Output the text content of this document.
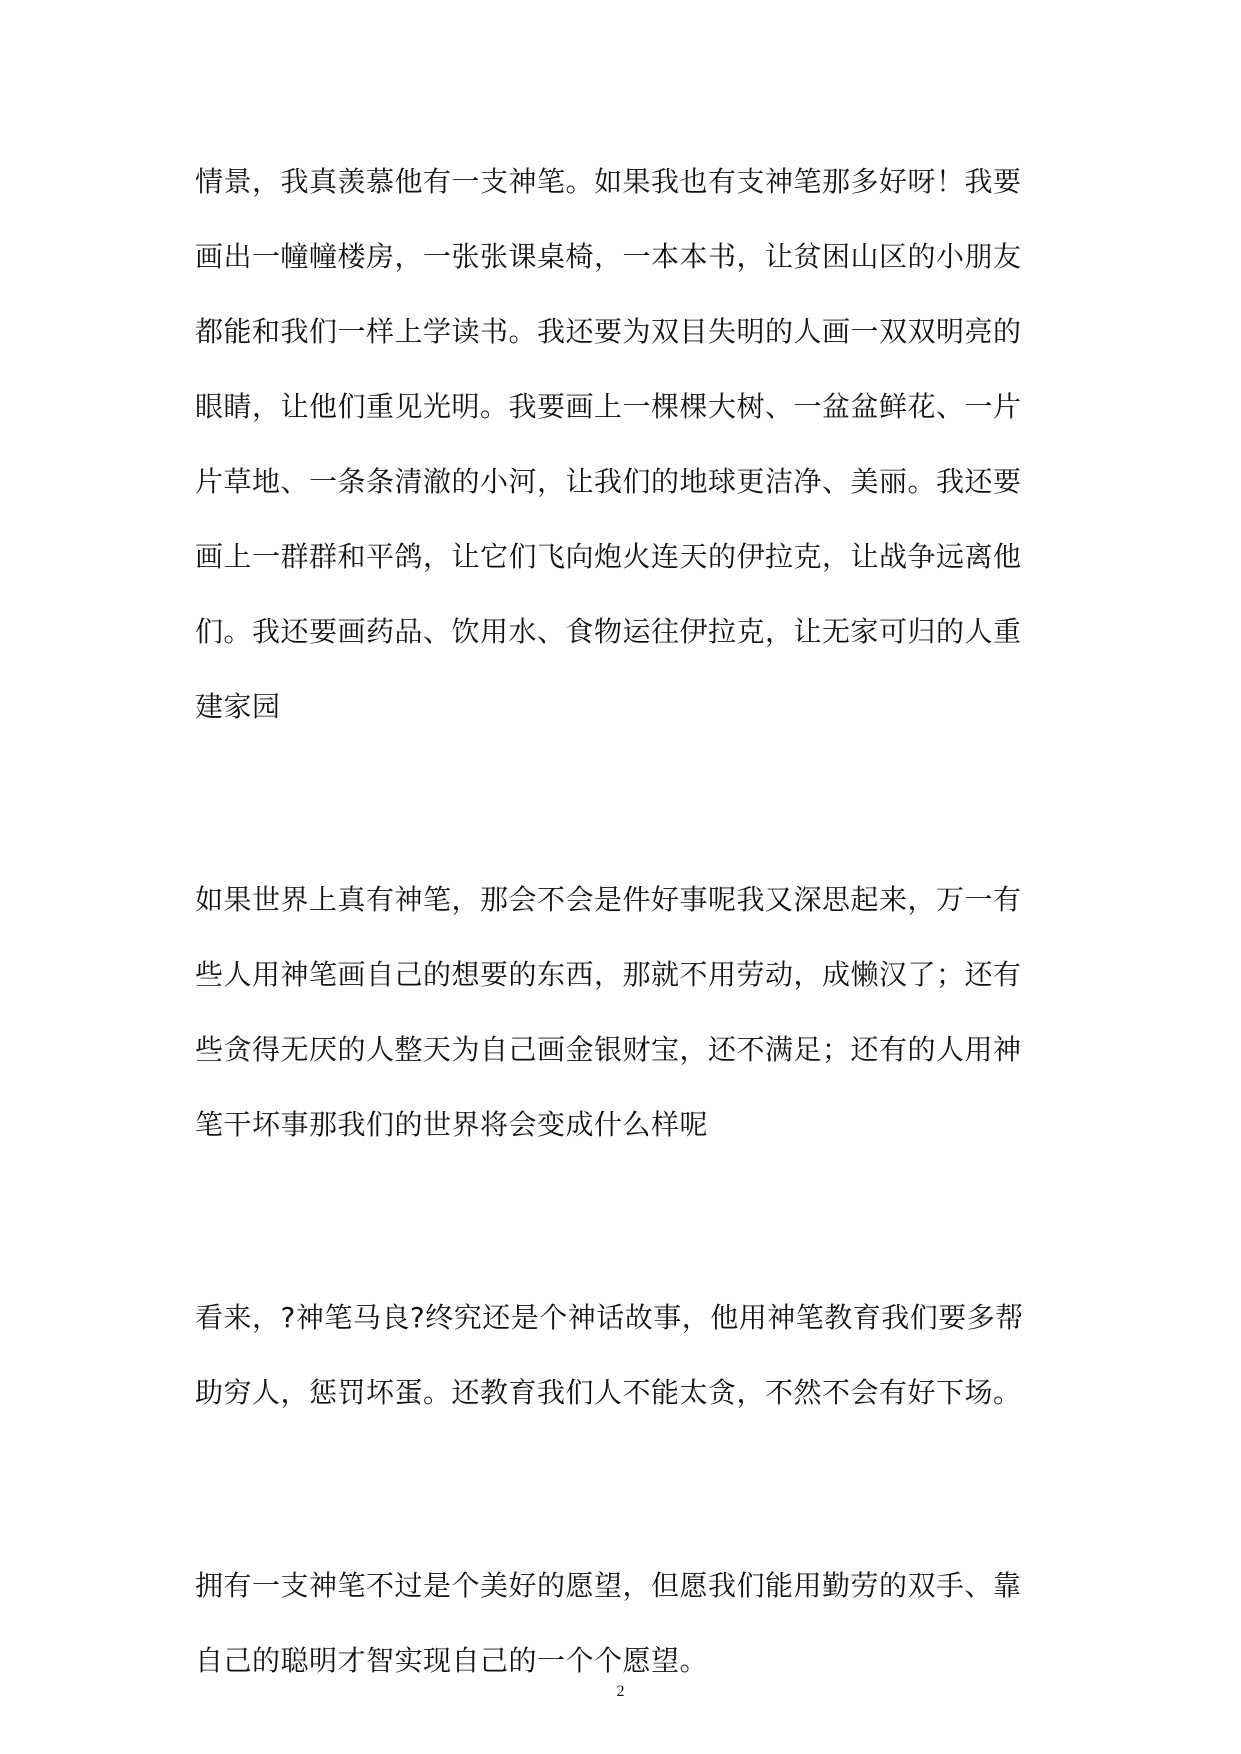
情景，我真羡慕他有一支神笔。如果我也有支神笔那多好呀！我要画出一幢幢楼房，一张张课桌椅，一本本书，让贫困山区的小朋友都能和我们一样上学读书。我还要为双目失明的人画一双双明亮的眼睛，让他们重见光明。我要画上一棵棵大树、一盆盆鲜花、一片片草地、一条条清澈的小河，让我们的地球更洁净、美丽。我还要画上一群群和平鸽，让它们飞向炮火连天的伊拉克，让战争远离他们。我还要画药品、饮用水、食物运往伊拉克，让无家可归的人重建家园

如果世界上真有神笔，那会不会是件好事呢我又深思起来，万一有些人用神笔画自己的想要的东西，那就不用劳动，成懒汉了；还有些贪得无厌的人整天为自己画金银财宝，还不满足；还有的人用神笔干坏事那我们的世界将会变成什么样呢

看来，?神笔马良?终究还是个神话故事，他用神笔教育我们要多帮助穷人，惩罚坏蛋。还教育我们人不能太贪，不然不会有好下场。

拥有一支神笔不过是个美好的愿望，但愿我们能用勤劳的双手、靠自己的聪明才智实现自己的一个个愿望。

2
